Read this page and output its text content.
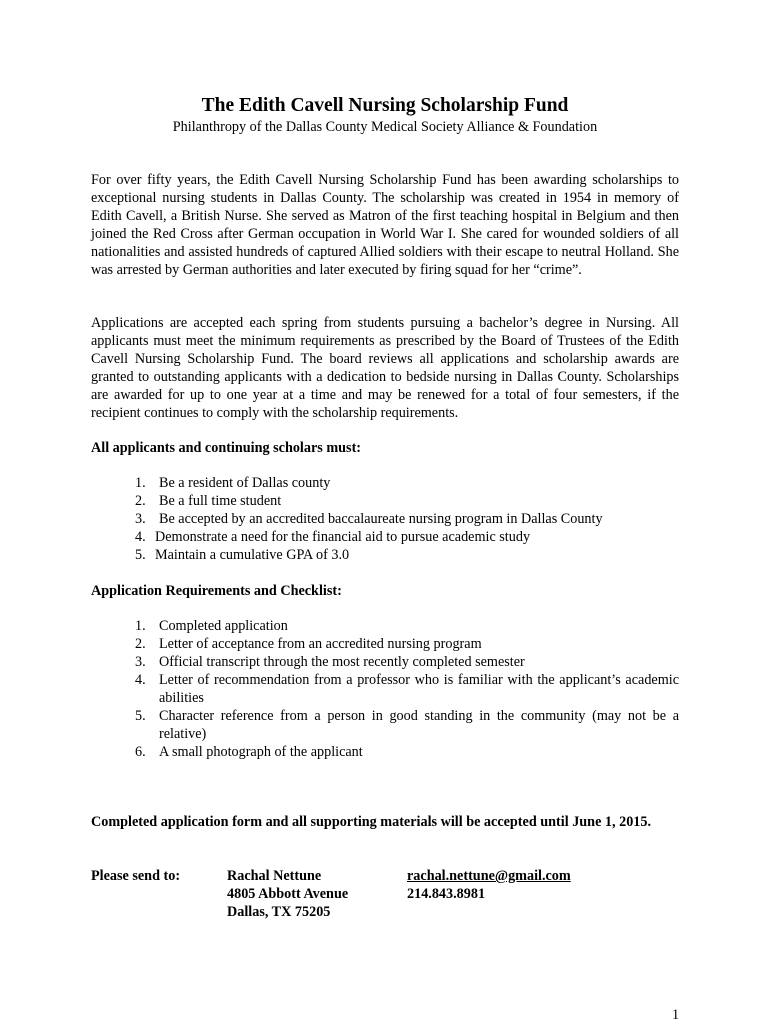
The Edith Cavell Nursing Scholarship Fund
Philanthropy of the Dallas County Medical Society Alliance & Foundation

For over fifty years, the Edith Cavell Nursing Scholarship Fund has been awarding scholarships to exceptional nursing students in Dallas County. The scholarship was created in 1954 in memory of Edith Cavell, a British Nurse. She served as Matron of the first teaching hospital in Belgium and then joined the Red Cross after German occupation in World War I. She cared for wounded soldiers of all nationalities and assisted hundreds of captured Allied soldiers with their escape to neutral Holland. She was arrested by German authorities and later executed by firing squad for her “crime”.

Applications are accepted each spring from students pursuing a bachelor’s degree in Nursing. All applicants must meet the minimum requirements as prescribed by the Board of Trustees of the Edith Cavell Nursing Scholarship Fund. The board reviews all applications and scholarship awards are granted to outstanding applicants with a dedication to bedside nursing in Dallas County. Scholarships are awarded for up to one year at a time and may be renewed for a total of four semesters, if the recipient continues to comply with the scholarship requirements.

All applicants and continuing scholars must:

1. Be a resident of Dallas county
2. Be a full time student
3. Be accepted by an accredited baccalaureate nursing program in Dallas County
4. Demonstrate a need for the financial aid to pursue academic study
5. Maintain a cumulative GPA of 3.0

Application Requirements and Checklist:

1. Completed application
2. Letter of acceptance from an accredited nursing program
3. Official transcript through the most recently completed semester
4. Letter of recommendation from a professor who is familiar with the applicant’s academic abilities
5. Character reference from a person in good standing in the community (may not be a relative)
6. A small photograph of the applicant

Completed application form and all supporting materials will be accepted until June 1, 2015.

Please send to:	Rachal Nettune
4805 Abbott Avenue
Dallas, TX 75205
rachal.nettune@gmail.com
214.843.8981
1
